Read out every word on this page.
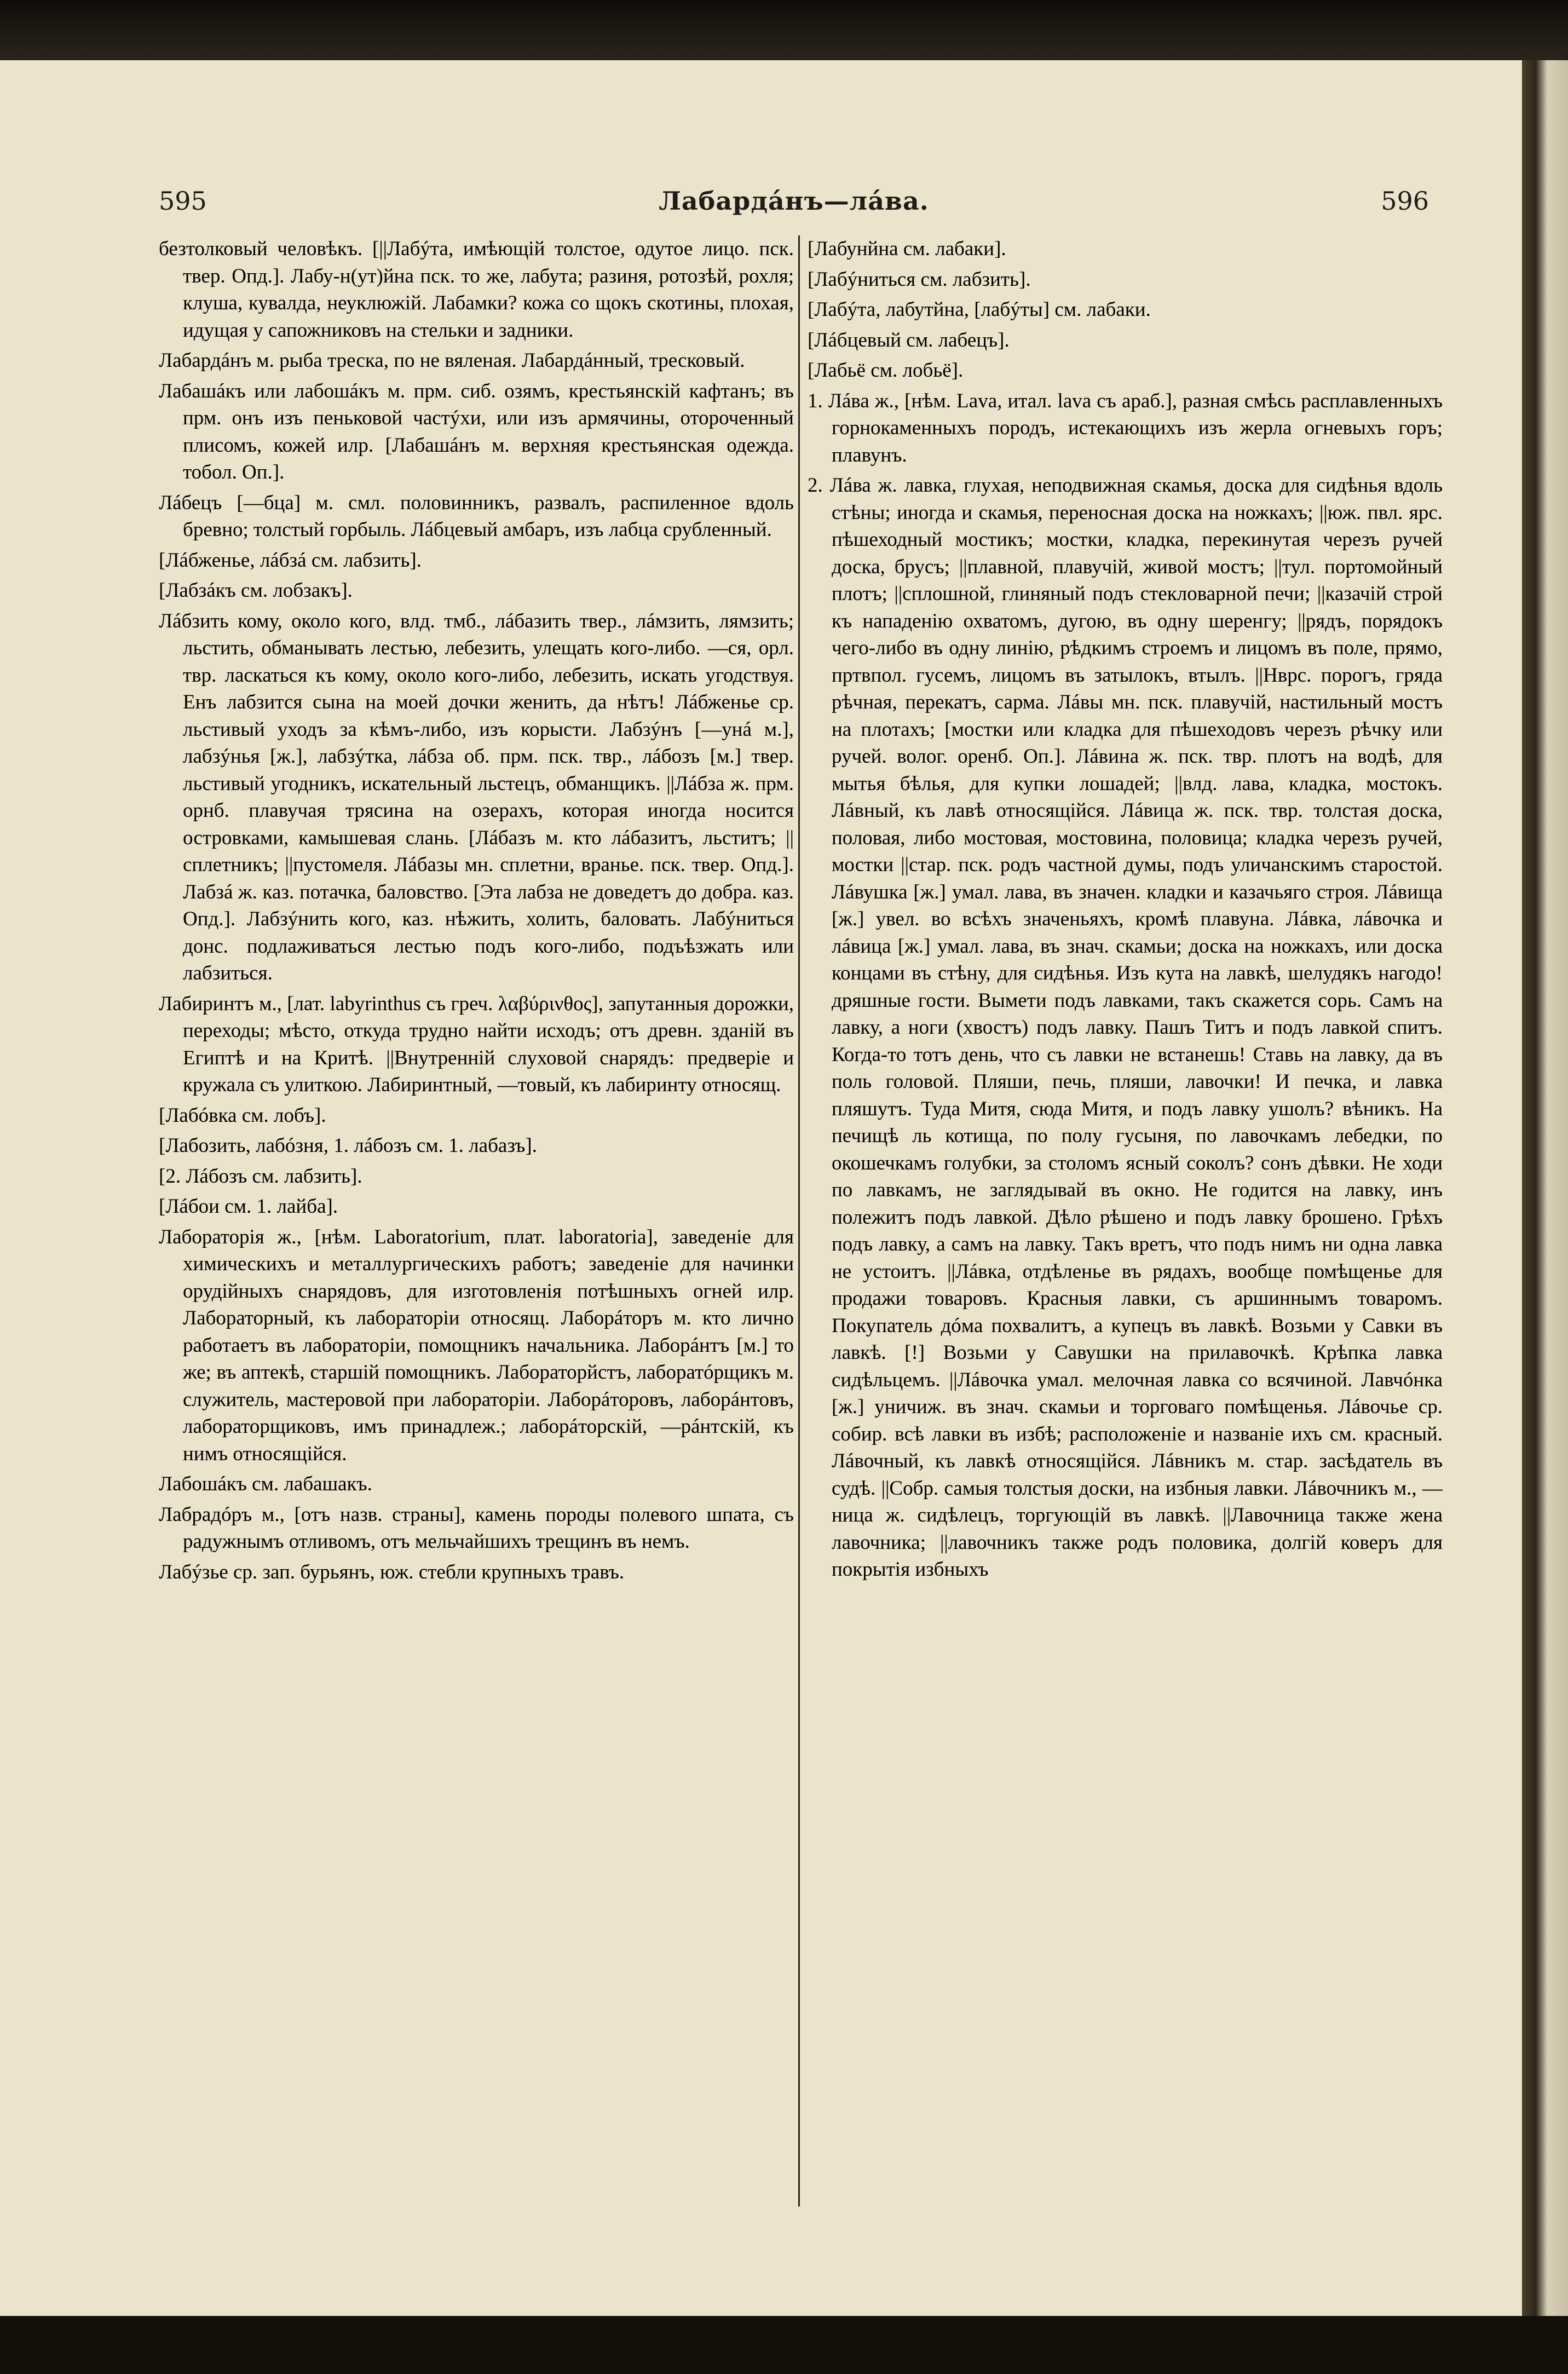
595	Лабардáнъ—лáва.	596

безтолковый человѣкъ. [||Лабýта, имѣющій толстое, одутое лицо. пск. твер. Опд.]. Лабу-н(ут)йна пск. то же, лабута; разиня, ротозѣй, рохля; клуша, кувалда, неуклюжій. Лабамки? кожа со щокъ скотины, плохая, идущая у сапожниковъ на стельки и задники.

Лабардáнъ м. рыба треска, по не вяленая. Лабардáнный, тресковый.

Лабашáкъ или лабошáкъ м. прм. сиб. озямъ, крестьянскій кафтанъ; въ прм. онъ изъ пеньковой частýхи, или изъ армячины, отороченный плисомъ, кожей илр. [Лабашáнъ м. верхняя крестьянская одежда. тобол. Оп.].

Лáбецъ [—бца] м. смл. половинникъ, развалъ, распиленное вдоль бревно; толстый горбыль. Лáбцевый амбаръ, изъ лабца срубленный.

[Лáбженье, лáбзá см. лабзить].

[Лабзáкъ см. лобзакъ].

Лáбзить кому, около кого, влд. тмб., лáбазить твер., лáмзить, лямзить; льстить, обманывать лестью, лебезить, улещать кого-либо. —ся, орл. твр. ласкаться къ кому, около кого-либо, лебезить, искать угодствуя. Енъ лабзится сына на моей дочки женить, да нѣтъ! Лáбженье ср. льстивый уходъ за кѣмъ-либо, изъ корысти. Лабзýнъ [—унá м.], лабзýнья [ж.], лабзýтка, лáбза об. прм. пск. твр., лáбозъ [м.] твер. льстивый угодникъ, искательный льстецъ, обманщикъ. ||Лáбза ж. прм. орнб. плавучая трясина на озерахъ, которая иногда носится островками, камышевая слань. [Лáбазъ м. кто лáбазитъ, льститъ; ||сплетникъ; ||пустомеля. Лáбазы мн. сплетни, вранье. пск. твер. Опд.]. Лабзá ж. каз. потачка, баловство. [Эта лабза не доведетъ до добра. каз. Опд.]. Лабзýнить кого, каз. нѣжить, холить, баловать. Лабýниться донс. подлаживаться лестью подъ кого-либо, подъѣзжать или лабзиться.

Лабиринтъ м., [лат. labyrinthus съ греч. λαβύρινθος], запутанныя дорожки, переходы; мѣсто, откуда трудно найти исходъ; отъ древн. зданій въ Египтѣ и на Критѣ. ||Внутренній слуховой снарядъ: предверіе и кружала съ улиткою. Лабиринтный, —товый, къ лабиринту относящ.

[Лабóвка см. лобъ].

[Лабозить, лабóзня, 1. лáбозъ см. 1. лабазъ].

[2. Лáбозъ см. лабзить].

[Лáбои см. 1. лайба].

Лабораторія ж., [нѣм. Laboratorium, плат. laboratoria], заведеніе для химическихъ и металлургическихъ работъ; заведеніе для начинки орудійныхъ снарядовъ, для изготовленія потѣшныхъ огней илр. Лабораторный, къ лабораторіи относящ. Лаборáторъ м. кто лично работаетъ въ лабораторіи, помощникъ начальника. Лаборáнтъ [м.] то же; въ аптекѣ, старшій помощникъ. Лабораторйстъ, лаборатóрщикъ м. служитель, мастеровой при лабораторіи. Лаборáторовъ, лаборáнтовъ, лабораторщиковъ, имъ принадлеж.; лаборáторскій, —рáнтскій, къ нимъ относящійся.

Лабошáкъ см. лабашакъ.

Лабрадóръ м., [отъ назв. страны], камень породы полевого шпата, съ радужнымъ отливомъ, отъ мельчайшихъ трещинъ въ немъ.

Лабýзье ср. зап. бурьянъ, юж. стебли крупныхъ травъ.

[Лабунйна см. лабаки].

[Лабýниться см. лабзить].

[Лабýта, лабутйна, [лабýты] см. лабаки.

[Лáбцевый см. лабецъ].

[Лабьё см. лобьё].

1. Лáва ж., [нѣм. Lava, итал. lava съ араб.], разная смѣсь расплавленныхъ горнокаменныхъ породъ, истекающихъ изъ жерла огневыхъ горъ; плавунъ.

2. Лáва ж. лавка, глухая, неподвижная скамья, доска для сидѣнья вдоль стѣны; иногда и скамья, переносная доска на ножкахъ; ||юж. пвл. ярс. пѣшеходный мостикъ; мостки, кладка, перекинутая черезъ ручей доска, брусъ; ||плавной, плавучій, живой мостъ; ||тул. портомойный плотъ; ||сплошной, глиняный подъ стекловарной печи; ||казачій строй къ нападенію охватомъ, дугою, въ одну шеренгу; ||рядъ, порядокъ чего-либо въ одну линію, рѣдкимъ строемъ и лицомъ въ поле, прямо, пртвпол. гусемъ, лицомъ въ затылокъ, втылъ. ||Нврс. порогъ, гряда рѣчная, перекатъ, сарма. Лáвы мн. пск. плавучій, настильный мостъ на плотахъ; [мостки или кладка для пѣшеходовъ черезъ рѣчку или ручей. волог. оренб. Оп.]. Лáвина ж. пск. твр. плотъ на водѣ, для мытья бѣлья, для купки лошадей; ||влд. лава, кладка, мостокъ. Лáвный, къ лавѣ относящійся. Лáвица ж. пск. твр. толстая доска, половая, либо мостовая, мостовина, половица; кладка черезъ ручей, мостки ||стар. пск. родъ частной думы, подъ уличанскимъ старостой. Лáвушка [ж.] умал. лава, въ значен. кладки и казачьяго строя. Лáвища [ж.] увел. во всѣхъ значеньяхъ, кромѣ плавуна. Лáвка, лáвочка и лáвица [ж.] умал. лава, въ знач. скамьи; доска на ножкахъ, или доска концами въ стѣну, для сидѣнья. Изъ кута на лавкѣ, шелудякъ нагодо! дряшные гости. Вымети подъ лавками, такъ скажется сорь. Самъ на лавку, а ноги (хвостъ) подъ лавку. Пашъ Титъ и подъ лавкой спитъ. Когда-то тотъ день, что съ лавки не встанешь! Ставь на лавку, да въ поль головой. Пляши, печь, пляши, лавочки! И печка, и лавка пляшутъ. Туда Митя, сюда Митя, и подъ лавку ушолъ? вѣникъ. На печищѣ ль котища, по полу гусыня, по лавочкамъ лебедки, по окошечкамъ голубки, за столомъ ясный соколъ? сонъ дѣвки. Не ходи по лавкамъ, не заглядывай въ окно. Не годится на лавку, инъ полежитъ подъ лавкой. Дѣло рѣшено и подъ лавку брошено. Грѣхъ подъ лавку, а самъ на лавку. Такъ вретъ, что подъ нимъ ни одна лавка не устоитъ. ||Лáвка, отдѣленье въ рядахъ, вообще помѣщенье для продажи товаровъ. Красныя лавки, съ аршиннымъ товаромъ. Покупатель дóма похвалитъ, а купецъ въ лавкѣ. Возьми у Савки въ лавкѣ. [!] Возьми у Савушки на прилавочкѣ. Крѣпка лавка сидѣльцемъ. ||Лáвочка умал. мелочная лавка со всячиной. Лавчóнка [ж.] уничиж. въ знач. скамьи и торговаго помѣщенья. Лáвочье ср. собир. всѣ лавки въ избѣ; расположеніе и названіе ихъ см. красный. Лáвочный, къ лавкѣ относящійся. Лáвникъ м. стар. засѣдатель въ судѣ. ||Собр. самыя толстыя доски, на избныя лавки. Лáвочникъ м., —ница ж. сидѣлецъ, торгующій въ лавкѣ. ||Лавочница также жена лавочника; ||лавочникъ также родъ половика, долгій коверъ для покрытія избныхъ
